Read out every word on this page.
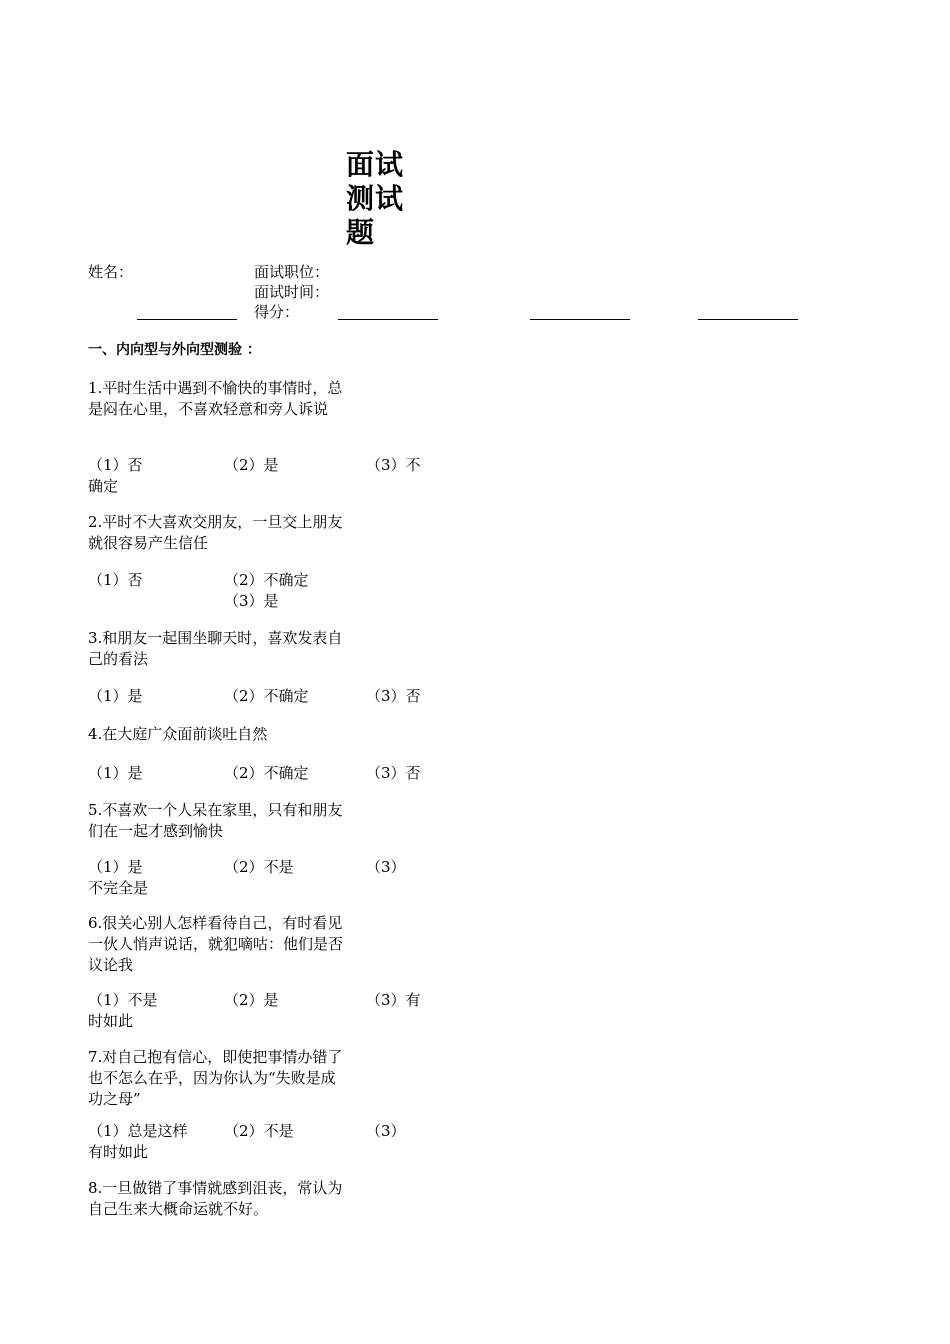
面试
测试
题
姓名：	面试职位：
面试时间：
得分：
一、内向型与外向型测验 ：
1.平时生活中遇到不愉快的事情时，总是闷在心里，不喜欢轻意和旁人诉说
（1）否	（2）是	（3）不
确定
2.平时不大喜欢交朋友，一旦交上朋友就很容易产生信任
（1）否	（2）不确定
（3）是
3.和朋友一起围坐聊天时，喜欢发表自己的看法
（1）是	（2）不确定	（3）否
4.在大庭广众面前谈吐自然
（1）是	（2）不确定	（3）否
5.不喜欢一个人呆在家里，只有和朋友们在一起才感到愉快
（1）是	（2）不是	（3）
不完全是
6.很关心别人怎样看待自己，有时看见一伙人悄声说话，就犯嘀咕：他们是否议论我
（1）不是	（2）是	（3）有
时如此
7.对自己抱有信心，即使把事情办错了也不怎么在乎，因为你认为“失败是成功之母”
（1）总是这样 （2）不是	（3）
有时如此
8.一旦做错了事情就感到沮丧，常认为自己生来大概命运就不好。
